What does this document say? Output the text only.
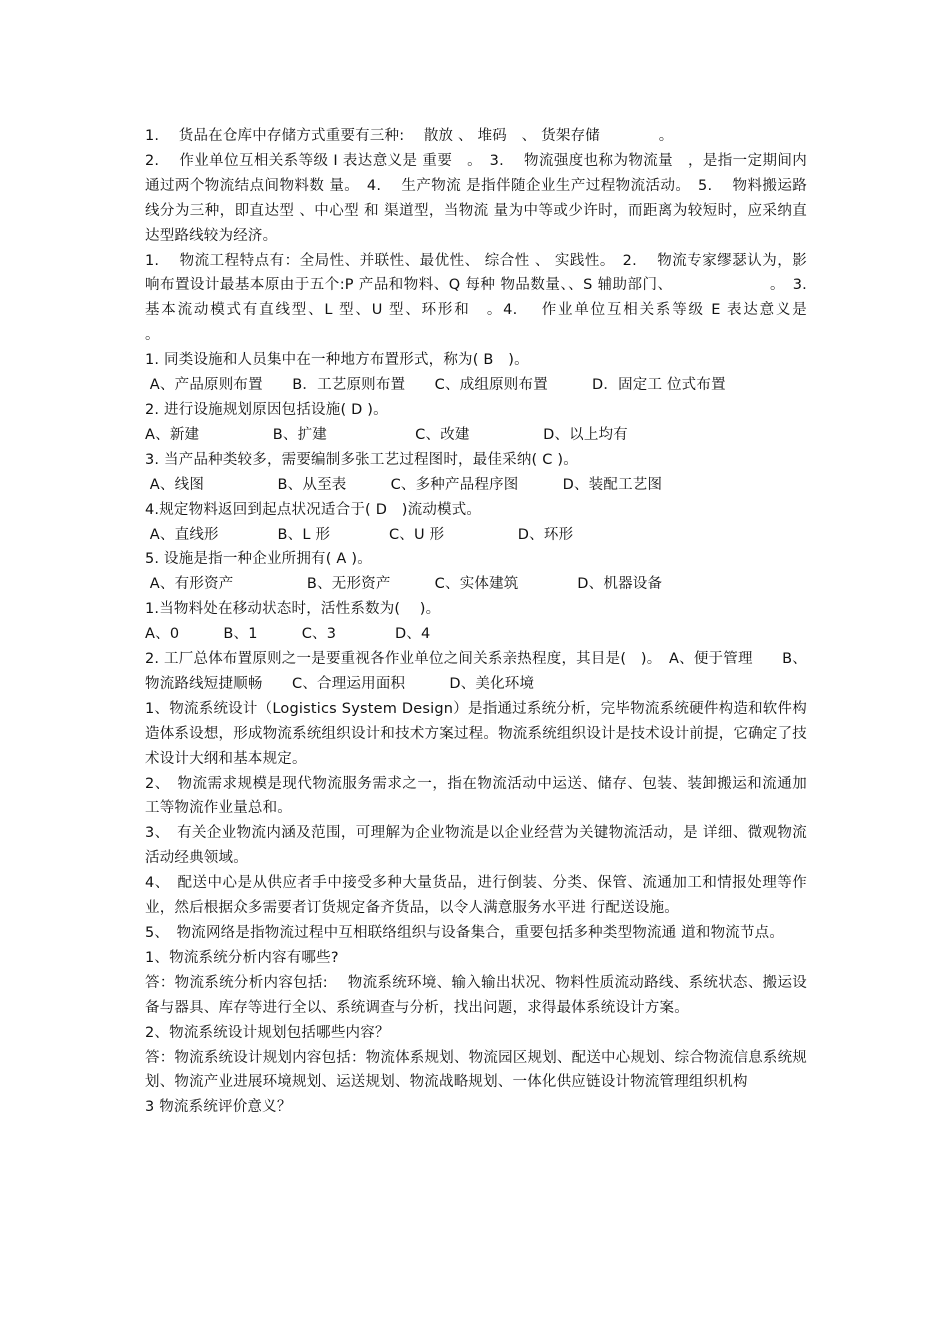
1.　 货品在仓库中存储方式重要有三种:　 散放 、 堆码　、 货架存储　　　　。

2.　 作业单位互相关系等级 I 表达意义是 重要　。　3.　 物流强度也称为物流量　，是指一定期间内通过两个物流结点间物料数 量。　4.　 生产物流 是指伴随企业生产过程物流活动。　5.　 物料搬运路线分为三种，即直达型 、中心型 和 渠道型，当物流 量为中等或少许时，而距离为较短时，应采纳直达型路线较为经济。

1.　 物流工程特点有：全局性、并联性、最优性、 综合性 、 实践性。　2.　 物流专家缪瑟认为，影响布置设计最基本原由于五个:P 产品和物料、Q 每种 物品数量、、S 辅助部门、　　　　　　　。　3.　 基本流动模式有直线型、L 型、U 型、环形和　。4.　 作业单位互相关系等级 E 表达意义是　　　　　　　　。

1. 同类设施和人员集中在一种地方布置形式，称为( B　)。

A、产品原则布置　　B．工艺原则布置　　C、成组原则布置　　　D．固定工 位式布置

2. 进行设施规划原因包括设施( D )。

A、新建　　　　　B、扩建　　　　　　C、改建　　　　　D、以上均有

3. 当产品种类较多，需要编制多张工艺过程图时，最佳采纳( C )。

A、线图　　　　　B、从至表　　　C、多种产品程序图　　　D、装配工艺图

4.规定物料返回到起点状况适合于( D　)流动模式。

A、直线形　　　　B、L 形　　　　C、U 形　　　　　D、环形

5. 设施是指一种企业所拥有( A )。

A、有形资产　　　　　B、无形资产　　　C、实体建筑　　　　D、机器设备

1.当物料处在移动状态时，活性系数为(　 )。

A、0　　　B、1　　　C、3　　　　D、4

2. 工厂总体布置原则之一是要重视各作业单位之间关系亲热程度，其目是(　)。　A、便于管理　　B、物流路线短捷顺畅　　C、合理运用面积　　　D、美化环境

1、物流系统设计（Logistics System Design）是指通过系统分析，完毕物流系统硬件构造和软件构造体系设想，形成物流系统组织设计和技术方案过程。物流系统组织设计是技术设计前提，它确定了技术设计大纲和基本规定。

2、　物流需求规模是现代物流服务需求之一，指在物流活动中运送、储存、包装、装卸搬运和流通加工等物流作业量总和。

3、　有关企业物流内涵及范围，可理解为企业物流是以企业经营为关键物流活动，是 详细、微观物流活动经典领域。

4、　配送中心是从供应者手中接受多种大量货品，进行倒装、分类、保管、流通加工和情报处理等作业，然后根据众多需要者订货规定备齐货品，以令人满意服务水平进 行配送设施。

5、　物流网络是指物流过程中互相联络组织与设备集合，重要包括多种类型物流通 道和物流节点。

1、物流系统分析内容有哪些?

答：物流系统分析内容包括:　 物流系统环境、输入输出状况、物料性质流动路线、系统状态、搬运设备与器具、库存等进行全以、系统调查与分析，找出问题，求得最体系统设计方案。

2、物流系统设计规划包括哪些内容？

答：物流系统设计规划内容包括：物流体系规划、物流园区规划、配送中心规划、综合物流信息系统规划、物流产业进展环境规划、运送规划、物流战略规划、一体化供应链设计物流管理组织机构

3 物流系统评价意义？
